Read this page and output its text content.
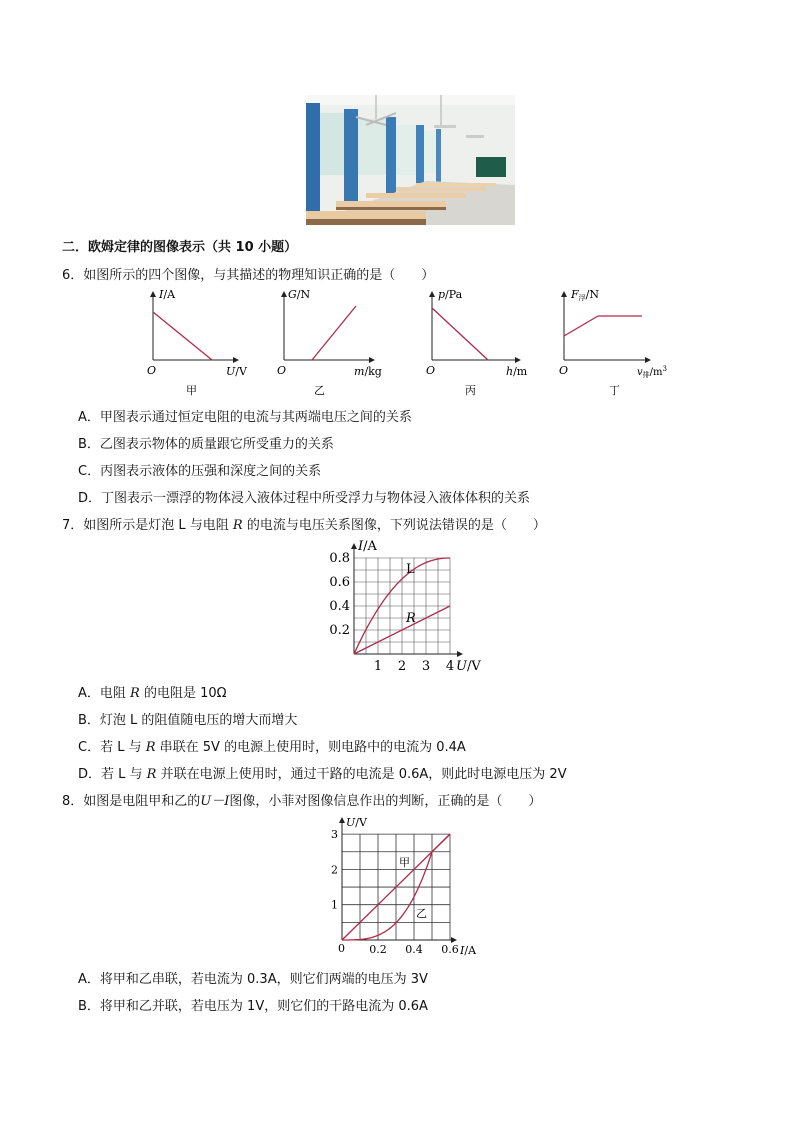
二．欧姆定律的图像表示（共 10 小题）
6．如图所示的四个图像，与其描述的物理知识正确的是（　　）
I/A
O	U/V
甲
G/N
O	m/kg
乙
p/Pa
O	h/m
丙
F浮/N
O	$v_排/m^3$
丁
A．甲图表示通过恒定电阻的电流与其两端电压之间的关系
B．乙图表示物体的质量跟它所受重力的关系
C．丙图表示液体的压强和深度之间的关系
D．丁图表示一漂浮的物体浸入液体过程中所受浮力与物体浸入液体体积的关系
7．如图所示是灯泡 L 与电阻 R 的电流与电压关系图像，下列说法错误的是（　　）
0.2
0.4
0.6
0.8
1 2 3 4
L
R
I/A
U/V
A．电阻 R 的电阻是 10Ω
B．灯泡 L 的阻值随电压的增大而增大
C．若 L 与 R 串联在 5V 的电源上使用时，则电路中的电流为 0.4A
D．若 L 与 R 并联在电源上使用时，通过干路的电流是 0.6A，则此时电源电压为 2V
8．如图是电阻甲和乙的U－I图像，小菲对图像信息作出的判断，正确的是（　　）
1
2
3
0.2 0.4 0.6
甲
乙
0
U/V
I/A
A．将甲和乙串联，若电流为 0.3A，则它们两端的电压为 3V
B．将甲和乙并联，若电压为 1V，则它们的干路电流为 0.6A
